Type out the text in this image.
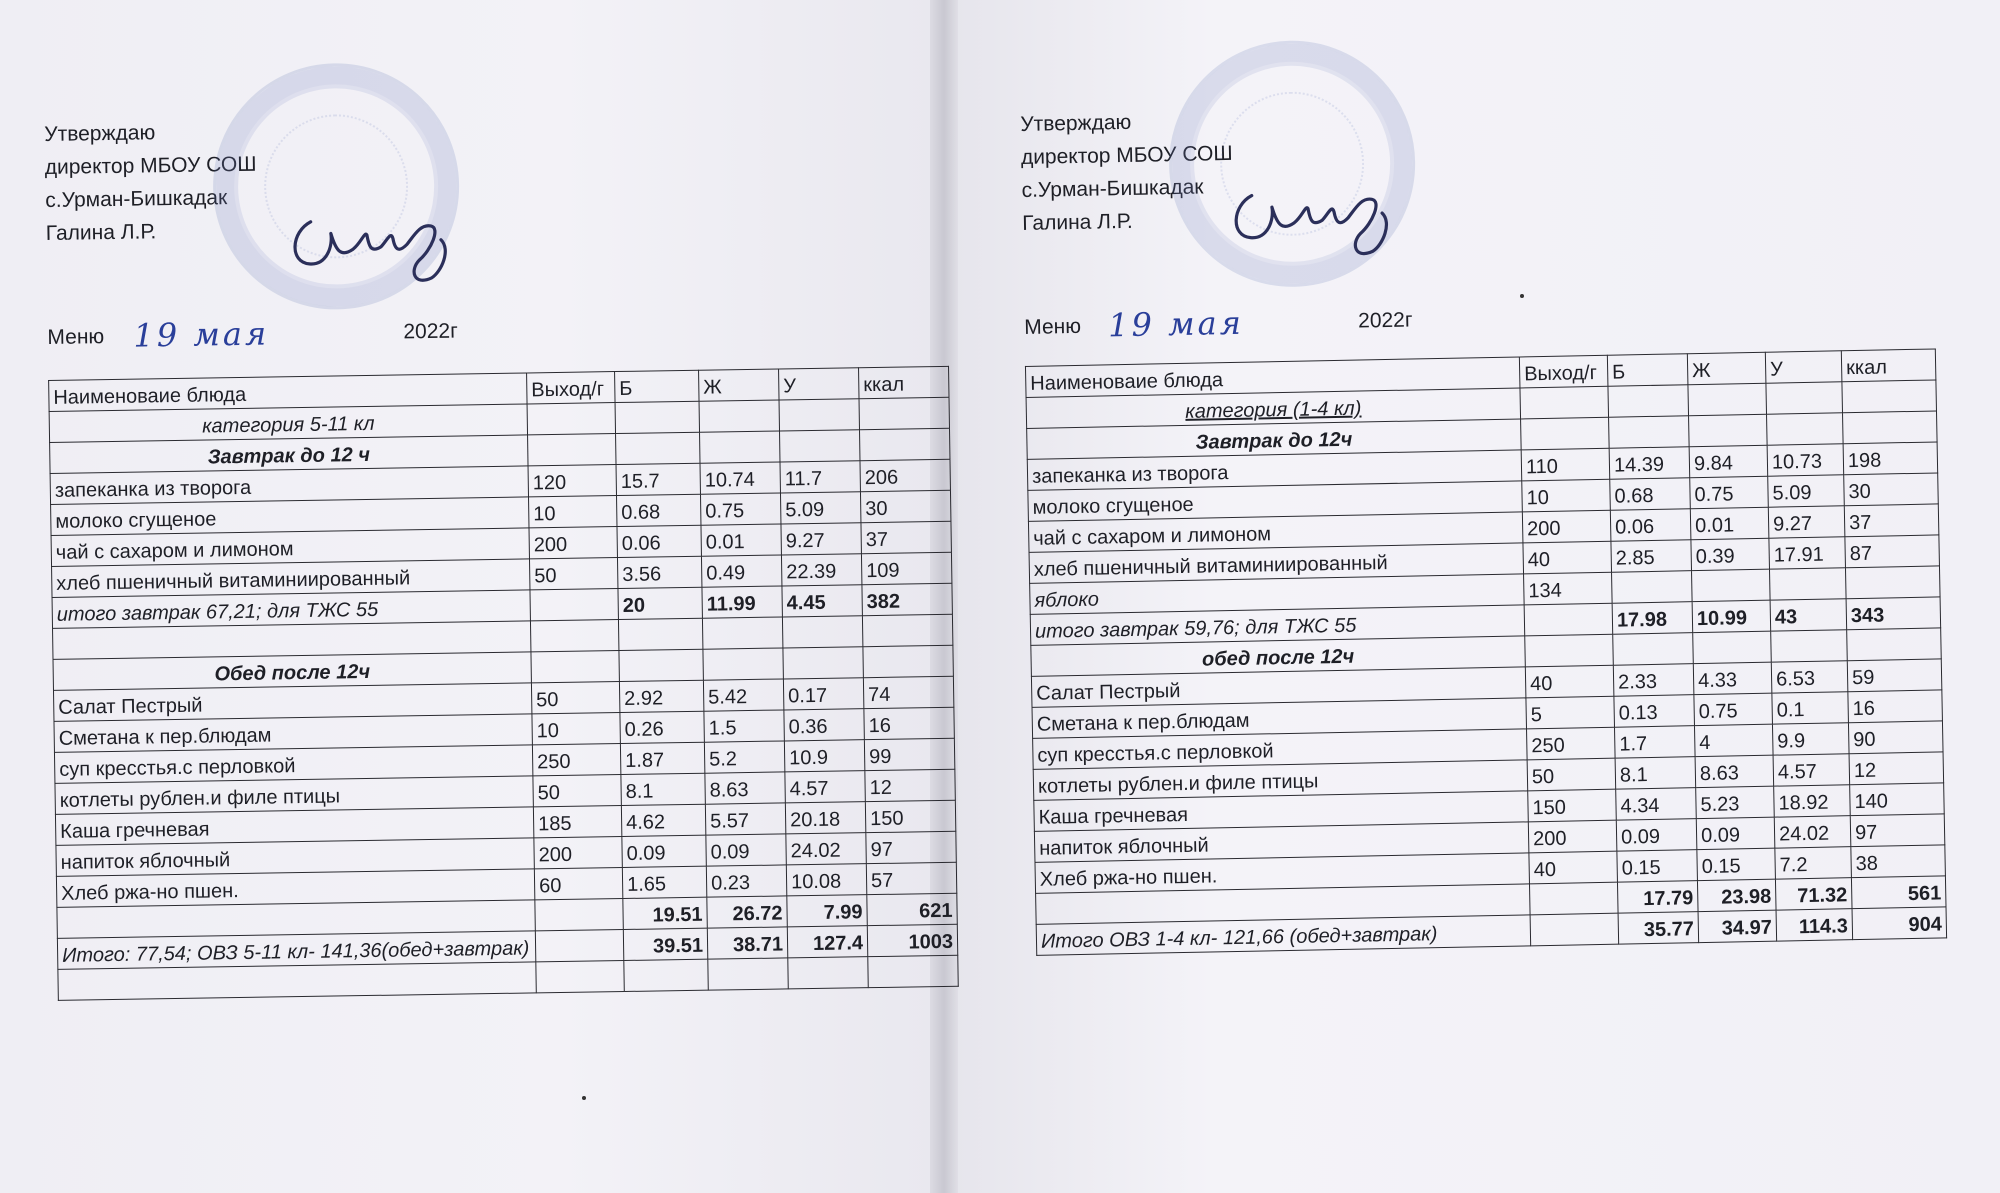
Утверждаю
директор МБОУ СОШ
с.Урман-Бишкадак
Галина Л.Р.
Меню 19 мая	2022г
Наименоваие блюда	Выход/г	Б	Ж	У	ккал
категория 5-11 кл					
Завтрак до 12 ч					
запеканка из творога	120	15.7	10.74	11.7	206
молоко сгущеное	10	0.68	0.75	5.09	30
чай с сахаром и лимоном	200	0.06	0.01	9.27	37
хлеб пшеничный витаминиированный	50	3.56	0.49	22.39	109
итого завтрак 67,21; для ТЖС 55		20	11.99	4.45	382

Обед после 12ч					
Салат Пестрый	50	2.92	5.42	0.17	74
Сметана к пер.блюдам	10	0.26	1.5	0.36	16
суп кресстья.с перловкой	250	1.87	5.2	10.9	99
котлеты рублен.и филе птицы	50	8.1	8.63	4.57	12
Каша гречневая	185	4.62	5.57	20.18	150
напиток яблочный	200	0.09	0.09	24.02	97
Хлеб ржа-но пшен.	60	1.65	0.23	10.08	57
		19.51	26.72	7.99	621
Итого: 77,54; ОВЗ 5-11 кл- 141,36(обед+завтрак)		39.51	38.71	127.4	1003

Утверждаю
директор МБОУ СОШ
с.Урман-Бишкадак
Галина Л.Р.
Меню 19 мая	2022г
Наименоваие блюда	Выход/г	Б	Ж	У	ккал
категория (1-4 кл)					
Завтрак до 12ч					
запеканка из творога	110	14.39	9.84	10.73	198
молоко сгущеное	10	0.68	0.75	5.09	30
чай с сахаром и лимоном	200	0.06	0.01	9.27	37
хлеб пшеничный витаминиированный	40	2.85	0.39	17.91	87
яблоко	134				
итого завтрак 59,76; для ТЖС 55		17.98	10.99	43	343
обед после 12ч					
Салат Пестрый	40	2.33	4.33	6.53	59
Сметана к пер.блюдам	5	0.13	0.75	0.1	16
суп кресстья.с перловкой	250	1.7	4	9.9	90
котлеты рублен.и филе птицы	50	8.1	8.63	4.57	12
Каша гречневая	150	4.34	5.23	18.92	140
напиток яблочный	200	0.09	0.09	24.02	97
Хлеб ржа-но пшен.	40	0.15	0.15	7.2	38
		17.79	23.98	71.32	561
Итого ОВЗ 1-4 кл- 121,66 (обед+завтрак)		35.77	34.97	114.3	904
